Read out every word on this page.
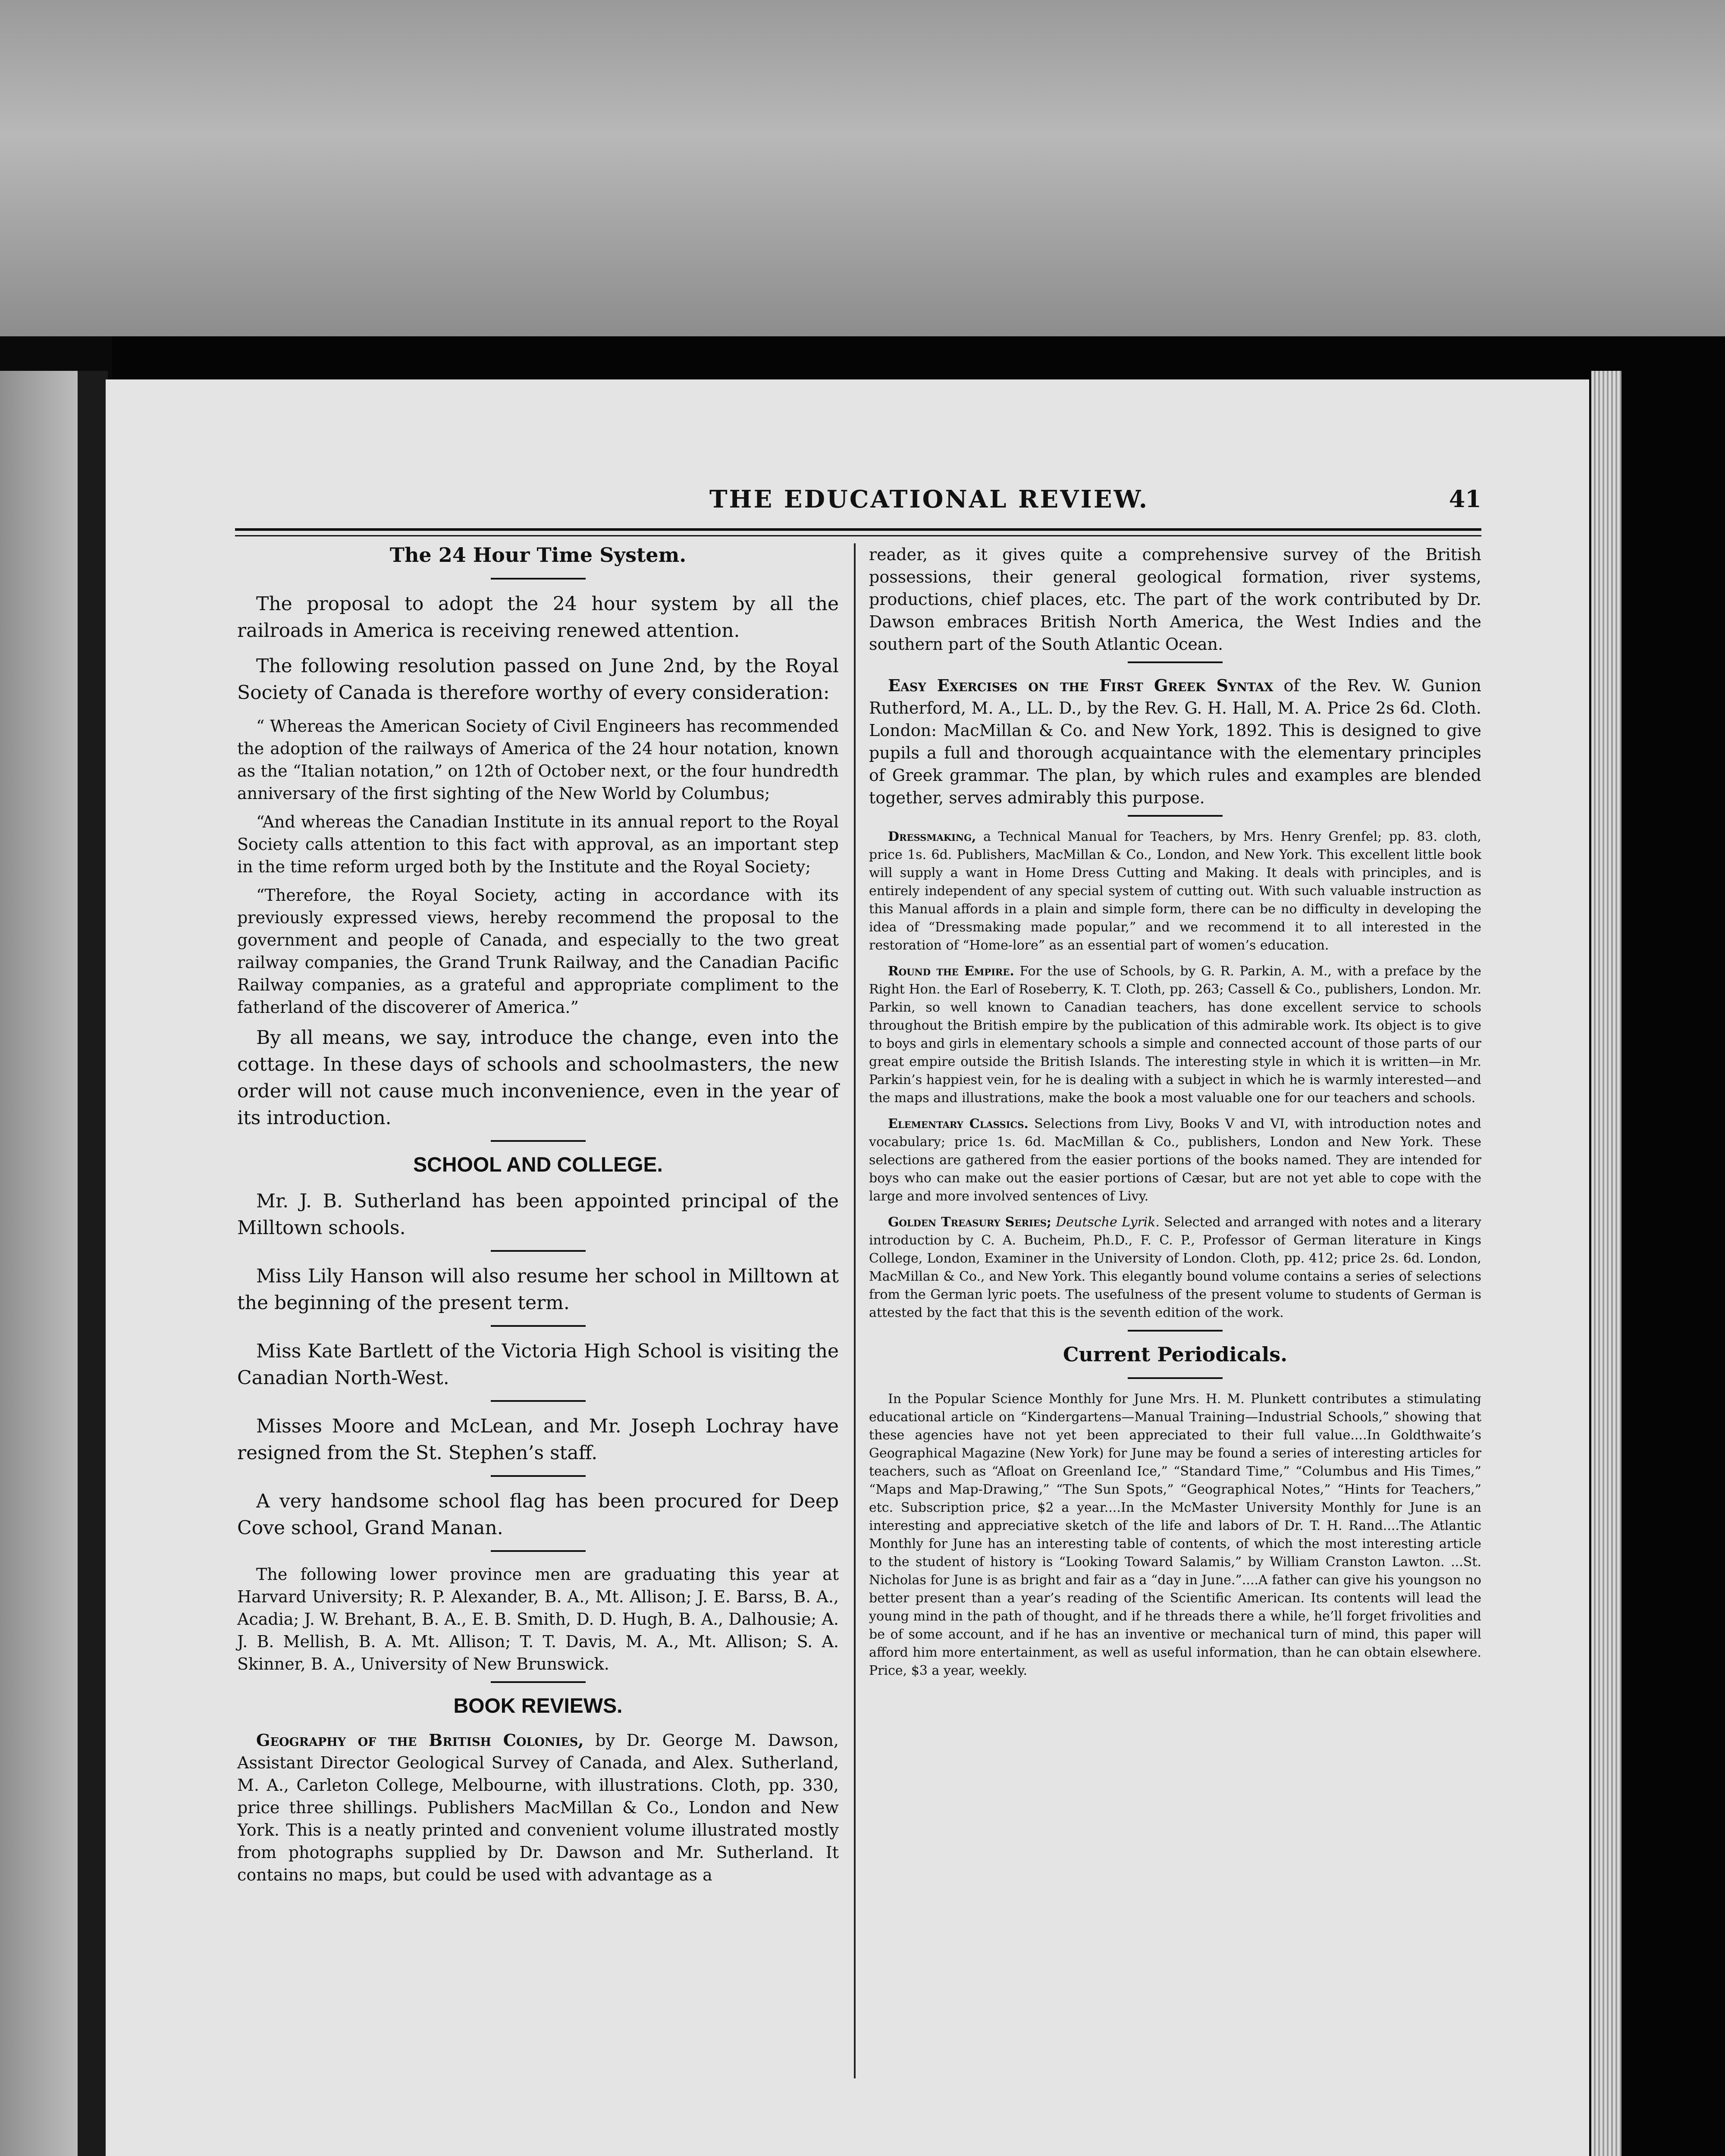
THE EDUCATIONAL REVIEW.	41
The 24 Hour Time System.

The proposal to adopt the 24 hour system by all the railroads in America is receiving renewed attention.

The following resolution passed on June 2nd, by the Royal Society of Canada is therefore worthy of every consideration:

“ Whereas the American Society of Civil Engineers has recommended the adoption of the railways of America of the 24 hour notation, known as the “Italian notation,” on 12th of October next, or the four hundredth anniversary of the first sighting of the New World by Columbus;

“And whereas the Canadian Institute in its annual report to the Royal Society calls attention to this fact with approval, as an important step in the time reform urged both by the Institute and the Royal Society;

“Therefore, the Royal Society, acting in accordance with its previously expressed views, hereby recommend the proposal to the government and people of Canada, and especially to the two great railway companies, the Grand Trunk Railway, and the Canadian Pacific Railway companies, as a grateful and appropriate compliment to the fatherland of the discoverer of America.”

By all means, we say, introduce the change, even into the cottage. In these days of schools and schoolmasters, the new order will not cause much inconvenience, even in the year of its introduction.

SCHOOL AND COLLEGE.

Mr. J. B. Sutherland has been appointed principal of the Milltown schools.

Miss Lily Hanson will also resume her school in Milltown at the beginning of the present term.

Miss Kate Bartlett of the Victoria High School is visiting the Canadian North-West.

Misses Moore and McLean, and Mr. Joseph Lochray have resigned from the St. Stephen’s staff.

A very handsome school flag has been procured for Deep Cove school, Grand Manan.

The following lower province men are graduating this year at Harvard University; R. P. Alexander, B. A., Mt. Allison; J. E. Barss, B. A., Acadia; J. W. Brehant, B. A., E. B. Smith, D. D. Hugh, B. A., Dalhousie; A. J. B. Mellish, B. A. Mt. Allison; T. T. Davis, M. A., Mt. Allison; S. A. Skinner, B. A., University of New Brunswick.

BOOK REVIEWS.

Geography of the British Colonies, by Dr. George M. Dawson, Assistant Director Geological Survey of Canada, and Alex. Sutherland, M. A., Carleton College, Melbourne, with illustrations. Cloth, pp. 330, price three shillings. Publishers MacMillan & Co., London and New York. This is a neatly printed and convenient volume illustrated mostly from photographs supplied by Dr. Dawson and Mr. Sutherland. It contains no maps, but could be used with advantage as a

reader, as it gives quite a comprehensive survey of the British possessions, their general geological formation, river systems, productions, chief places, etc. The part of the work contributed by Dr. Dawson embraces British North America, the West Indies and the southern part of the South Atlantic Ocean.

Easy Exercises on the First Greek Syntax of the Rev. W. Gunion Rutherford, M. A., LL. D., by the Rev. G. H. Hall, M. A. Price 2s 6d. Cloth. London: MacMillan & Co. and New York, 1892. This is designed to give pupils a full and thorough acquaintance with the elementary principles of Greek grammar. The plan, by which rules and examples are blended together, serves admirably this purpose.

Dressmaking, a Technical Manual for Teachers, by Mrs. Henry Grenfel; pp. 83. cloth, price 1s. 6d. Publishers, MacMillan & Co., London, and New York. This excellent little book will supply a want in Home Dress Cutting and Making. It deals with principles, and is entirely independent of any special system of cutting out. With such valuable instruction as this Manual affords in a plain and simple form, there can be no difficulty in developing the idea of “Dressmaking made popular,” and we recommend it to all interested in the restoration of “Home-lore” as an essential part of women’s education.

Round the Empire. For the use of Schools, by G. R. Parkin, A. M., with a preface by the Right Hon. the Earl of Roseberry, K. T. Cloth, pp. 263; Cassell & Co., publishers, London. Mr. Parkin, so well known to Canadian teachers, has done excellent service to schools throughout the British empire by the publication of this admirable work. Its object is to give to boys and girls in elementary schools a simple and connected account of those parts of our great empire outside the British Islands. The interesting style in which it is written—in Mr. Parkin’s happiest vein, for he is dealing with a subject in which he is warmly interested—and the maps and illustrations, make the book a most valuable one for our teachers and schools.

Elementary Classics. Selections from Livy, Books V and VI, with introduction notes and vocabulary; price 1s. 6d. MacMillan & Co., publishers, London and New York. These selections are gathered from the easier portions of the books named. They are intended for boys who can make out the easier portions of Cæsar, but are not yet able to cope with the large and more involved sentences of Livy.

Golden Treasury Series; Deutsche Lyrik. Selected and arranged with notes and a literary introduction by C. A. Bucheim, Ph.D., F. C. P., Professor of German literature in Kings College, London, Examiner in the University of London. Cloth, pp. 412; price 2s. 6d. London, MacMillan & Co., and New York. This elegantly bound volume contains a series of selections from the German lyric poets. The usefulness of the present volume to students of German is attested by the fact that this is the seventh edition of the work.

Current Periodicals.

In the Popular Science Monthly for June Mrs. H. M. Plunkett contributes a stimulating educational article on “Kindergartens—Manual Training—Industrial Schools,” showing that these agencies have not yet been appreciated to their full value....In Goldthwaite’s Geographical Magazine (New York) for June may be found a series of interesting articles for teachers, such as “Afloat on Greenland Ice,” “Standard Time,” “Columbus and His Times,” “Maps and Map-Drawing,” “The Sun Spots,” “Geographical Notes,” “Hints for Teachers,” etc. Subscription price, $2 a year....In the McMaster University Monthly for June is an interesting and appreciative sketch of the life and labors of Dr. T. H. Rand....The Atlantic Monthly for June has an interesting table of contents, of which the most interesting article to the student of history is “Looking Toward Salamis,” by William Cranston Lawton. ...St. Nicholas for June is as bright and fair as a “day in June.”....A father can give his youngson no better present than a year’s reading of the Scientific American. Its contents will lead the young mind in the path of thought, and if he threads there a while, he’ll forget frivolities and be of some account, and if he has an inventive or mechanical turn of mind, this paper will afford him more entertainment, as well as useful information, than he can obtain elsewhere. Price, $3 a year, weekly.
